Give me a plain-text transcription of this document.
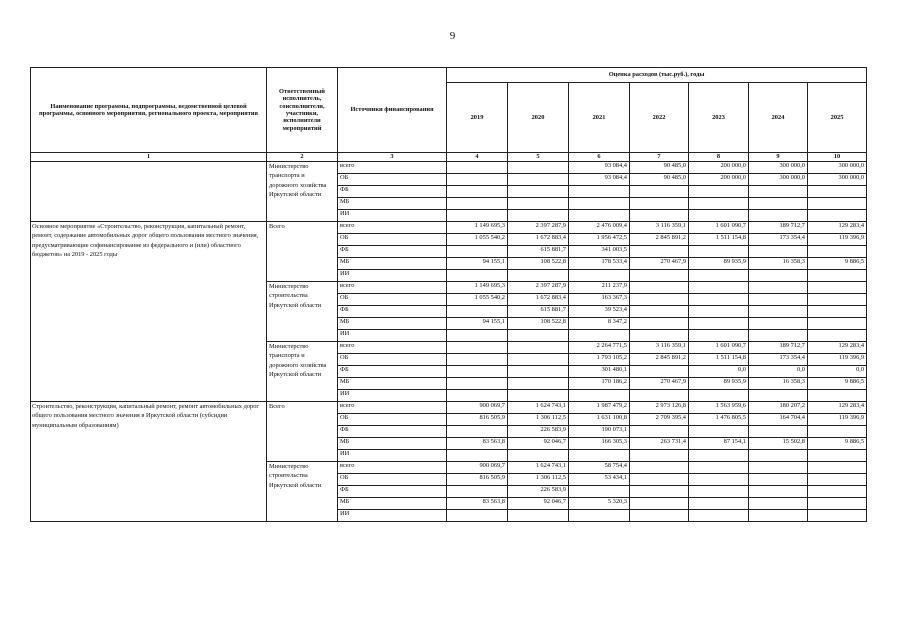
9
Наименование программы, подпрограммы, ведомственной целевой программы, основного мероприятия, регионального проекта, мероприятия	Ответственный исполнитель, соисполнители, участники, исполнители мероприятий	Источники финансирования	Оценка расходов (тыс.руб.), годы						
			2019	2020	2021	2022	2023	2024	2025
1	2	3	4	5	6	7	8	9	10
	Министерство транспорта и дорожного хозяйства Иркутской области	всего			93 084,4	90 485,0	200 000,0	300 000,0	300 000,0
		ОБ			93 084,4	90 485,0	200 000,0	300 000,0	300 000,0
		ФБ							
		МБ							
		ИИ							
Основное мероприятие «Строительство, реконструкция, капитальный ремонт, ремонт, содержание автомобильных дорог общего пользования местного значения, предусматривающие софинансирование из федерального и (или) областного бюджетов» на 2019 - 2025 годы	Всего	всего	1 149 695,3	2 397 287,9	2 476 009,4	3 116 359,1	1 601 090,7	189 712,7	129 283,4
		ОБ	1 055 540,2	1 672 883,4	1 956 472,5	2 845 891,2	1 511 154,8	173 354,4	119 396,9
		ФБ		615 881,7	341 003,5				
		МБ	94 155,1	108 522,8	178 533,4	270 467,9	89 935,9	16 358,3	9 886,5
		ИИ							
	Министерство строительства Иркутской области	всего	1 149 695,3	2 397 287,9	211 237,9				
		ОБ	1 055 540,2	1 672 883,4	163 367,3				
		ФБ		615 881,7	39 523,4				
		МБ	94 155,1	108 522,8	8 347,2				
		ИИ							
	Министерство транспорта и дорожного хозяйства Иркутской области	всего			2 264 771,5	3 116 359,1	1 601 090,7	189 712,7	129 283,4
		ОБ			1 793 105,2	2 845 891,2	1 511 154,8	173 354,4	119 396,9
		ФБ			301 480,1		0,0	0,0	0,0
		МБ			170 186,2	270 467,9	89 935,9	16 358,3	9 886,5
		ИИ							
Строительство, реконструкция, капитальный ремонт, ремонт автомобильных дорог общего пользования местного значения в Иркутской области (субсидии муниципальным образованиям)	Всего	всего	900 069,7	1 624 743,1	1 987 479,2	2 973 126,8	1 563 959,6	180 207,2	129 283,4
		ОБ	816 505,9	1 306 112,5	1 631 100,8	2 709 395,4	1 476 805,5	164 704,4	119 396,9
		ФБ		226 583,9	190 073,1				
		МБ	83 563,8	92 046,7	166 305,3	263 731,4	87 154,1	15 502,8	9 886,5
		ИИ							
	Министерство строительства Иркутской области	всего	900 069,7	1 624 743,1	58 754,4				
		ОБ	816 505,9	1 306 112,5	53 434,1				
		ФБ		226 583,9					
		МБ	83 563,8	92 046,7	5 320,3				
		ИИ							
